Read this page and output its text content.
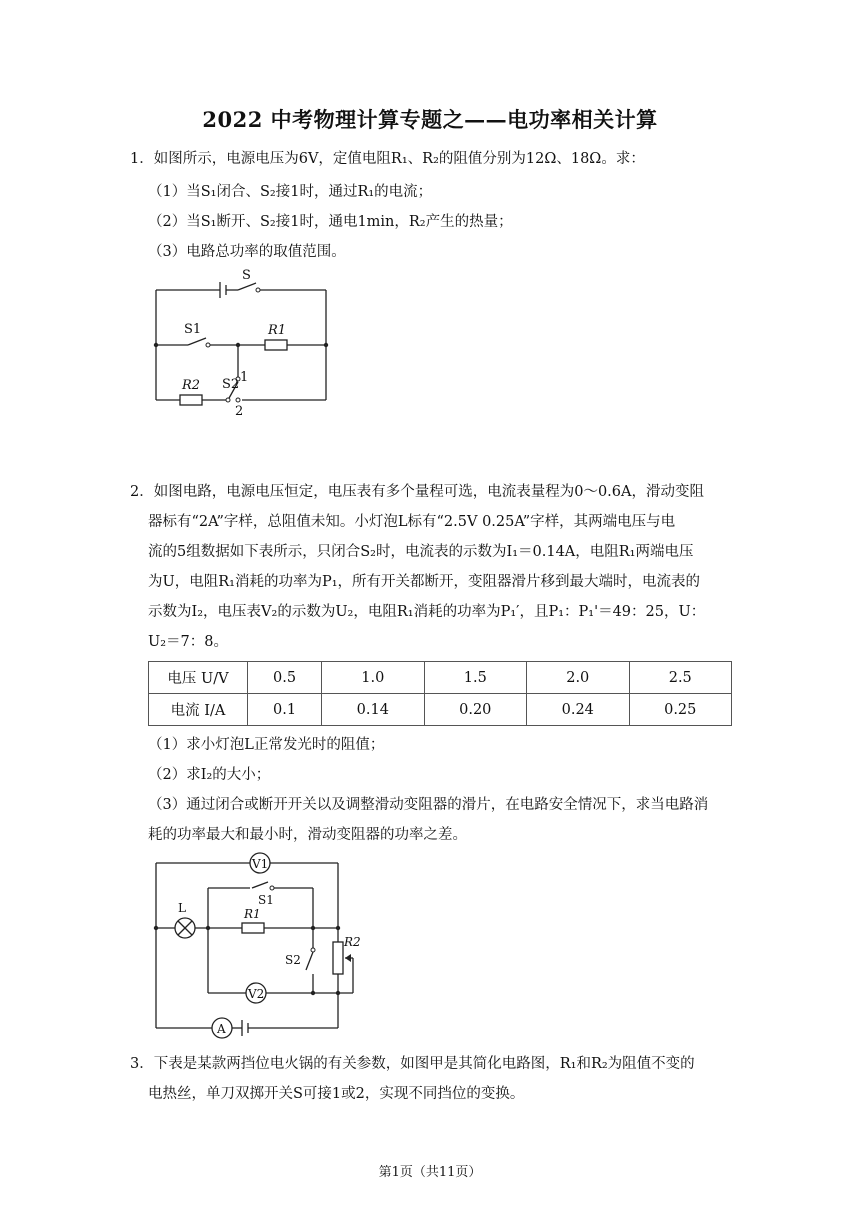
2022 中考物理计算专题之——电功率相关计算
1．如图所示，电源电压为6V，定值电阻R₁、R₂的阻值分别为12Ω、18Ω。求：
（1）当S₁闭合、S₂接1时，通过R₁的电流；
（2）当S₁断开、S₂接1时，通电1min，R₂产生的热量；
（3）电路总功率的取值范围。
S
S1	R1
R2 S2 1
2
2．如图电路，电源电压恒定，电压表有多个量程可选，电流表量程为0～0.6A，滑动变阻
器标有“2A”字样，总阻值未知。小灯泡L标有“2.5V 0.25A”字样，其两端电压与电
流的5组数据如下表所示，只闭合S₂时，电流表的示数为I₁＝0.14A，电阻R₁两端电压
为U，电阻R₁消耗的功率为P₁，所有开关都断开，变阻器滑片移到最大端时，电流表的
示数为I₂，电压表V₂的示数为U₂，电阻R₁消耗的功率为P₁′，且P₁：P₁'＝49：25，U：
U₂＝7：8。
电压 U/V	0.5	1.0	1.5	2.0	2.5
电流 I/A	0.1	0.14	0.20	0.24	0.25
（1）求小灯泡L正常发光时的阻值；
（2）求I₂的大小；
（3）通过闭合或断开开关以及调整滑动变阻器的滑片，在电路安全情况下，求当电路消
耗的功率最大和最小时，滑动变阻器的功率之差。
V1
S1
L	R1
R2
S2
V2
A
3．下表是某款两挡位电火锅的有关参数，如图甲是其简化电路图，R₁和R₂为阻值不变的
电热丝，单刀双掷开关S可接1或2，实现不同挡位的变换。
第1页（共11页）
